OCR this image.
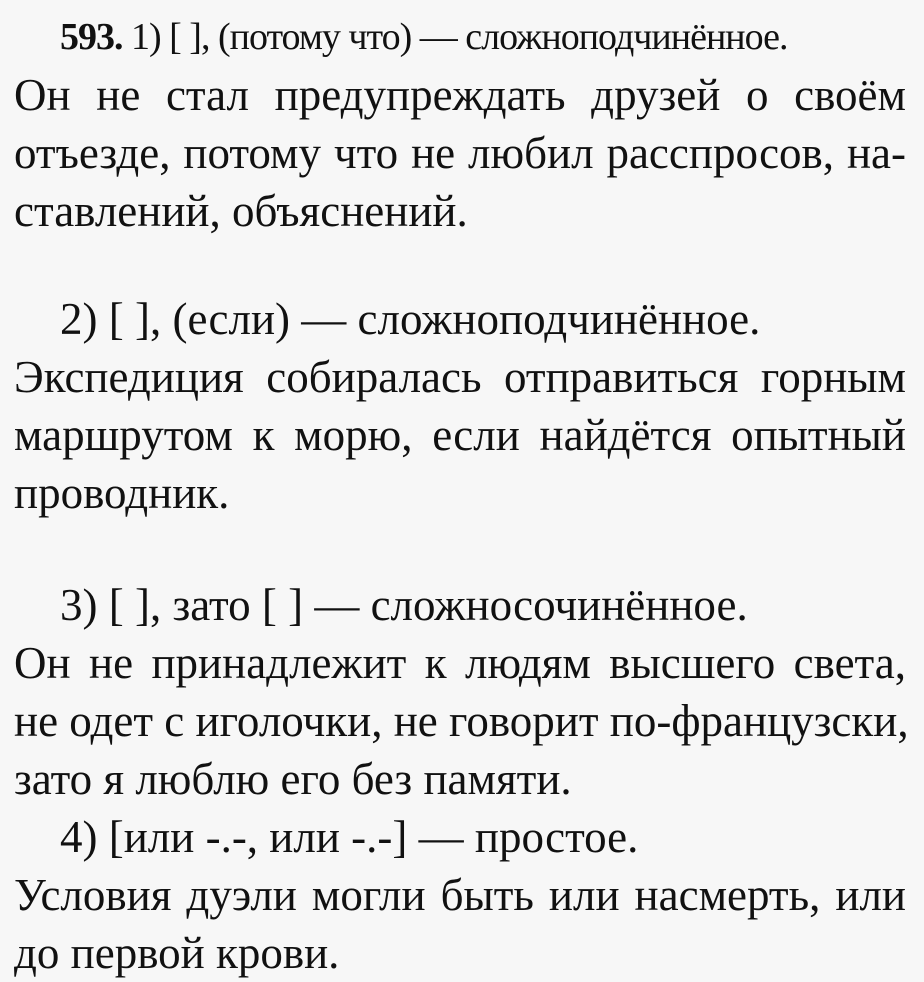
593. 1) [ ], (потому что) — сложноподчинённое.
Он не стал предупреждать друзей о своём
отъезде, потому что не любил расспросов, на-
ставлений, объяснений.
2) [ ], (если) — сложноподчинённое.
Экспедиция собиралась отправиться горным
маршрутом к морю, если найдётся опытный
проводник.
3) [ ], зато [ ] — сложносочинённое.
Он не принадлежит к людям высшего света,
не одет с иголочки, не говорит по-французски,
зато я люблю его без памяти.
4) [или -.-, или -.-] — простое.
Условия дуэли могли быть или насмерть, или
до первой крови.
